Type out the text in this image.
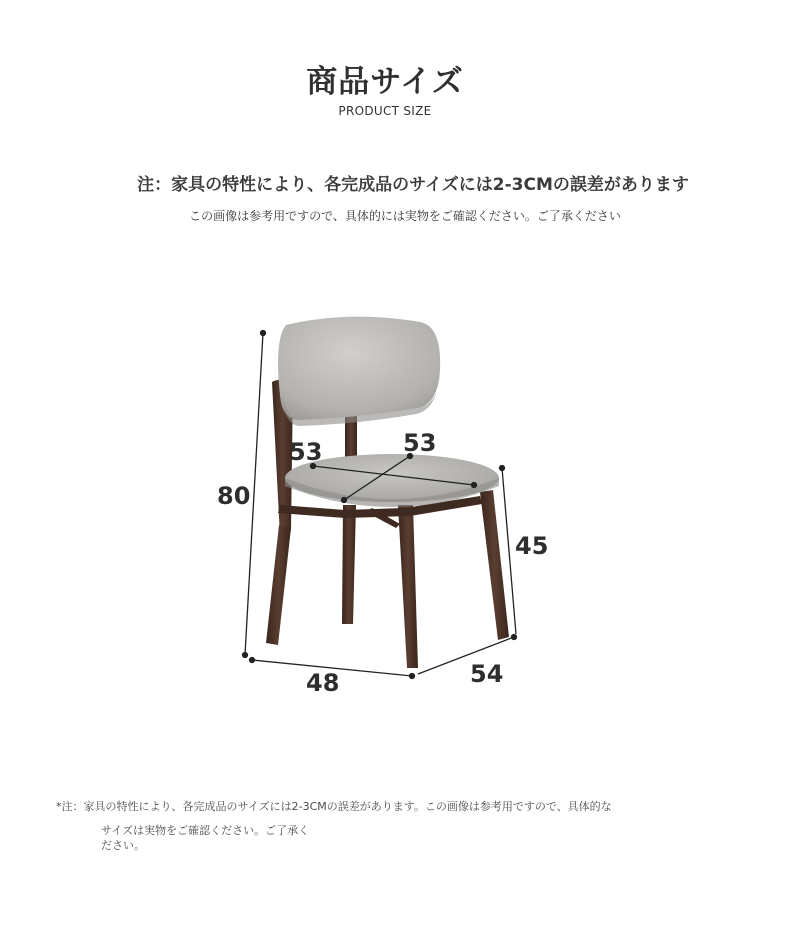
商品サイズ
PRODUCT SIZE
注：家具の特性により、各完成品のサイズには2-3CMの誤差があります
この画像は参考用ですので、具体的には実物をご確認ください。ご了承ください
80
53	53
45
48	54
*注：家具の特性により、各完成品のサイズには2-3CMの誤差があります。この画像は参考用ですので、具体的な
サイズは実物をご確認ください。ご了承く
ださい。
